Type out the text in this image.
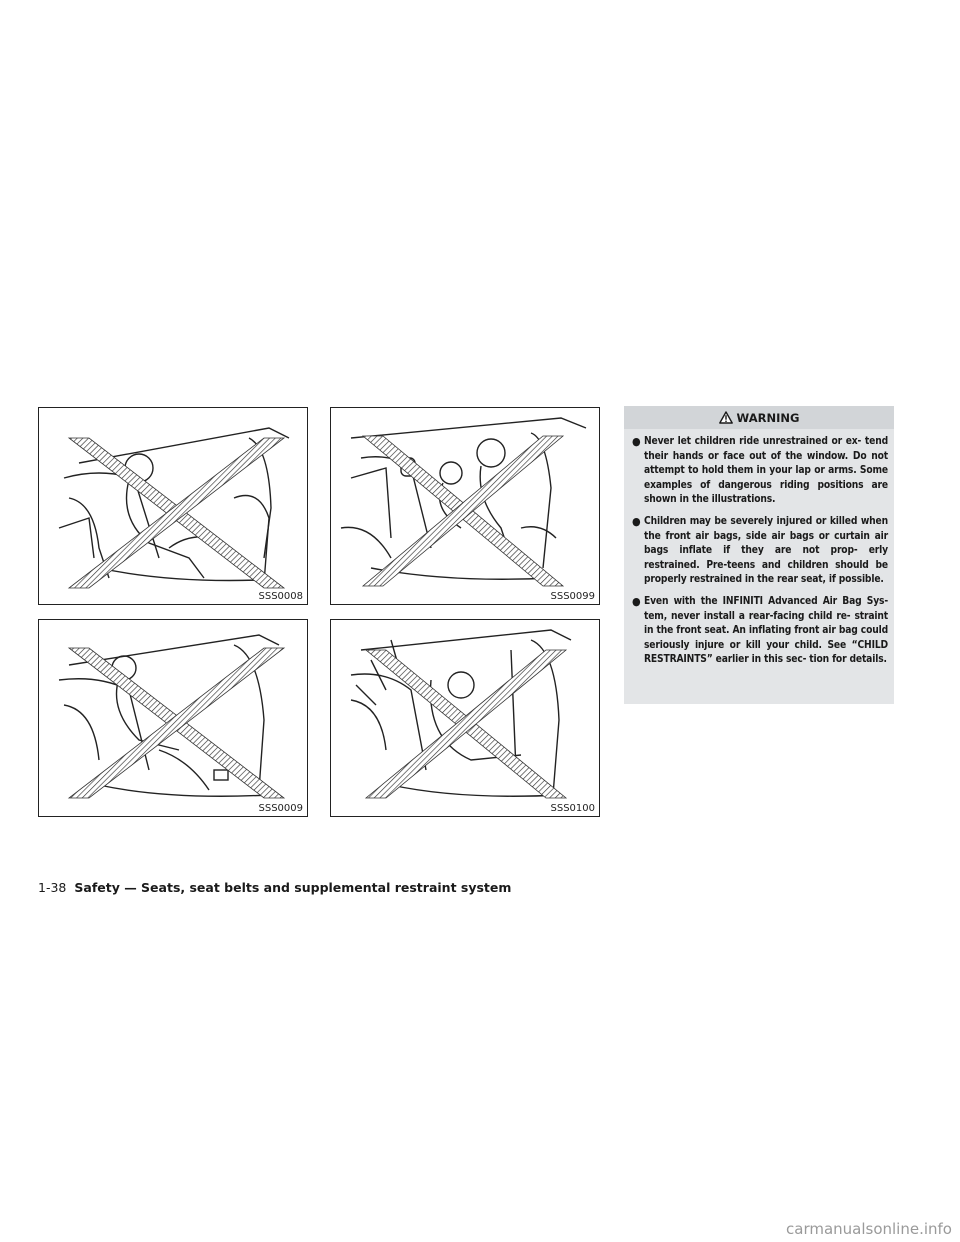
SSS0008	SSS0099
SSS0009	SSS0100
WARNING
● Never let children ride unrestrained or ex- tend their hands or face out of the window. Do not attempt to hold them in your lap or arms. Some examples of dangerous riding positions are shown in the illustrations.
● Children may be severely injured or killed when the front air bags, side air bags or curtain air bags inflate if they are not prop- erly restrained. Pre-teens and children should be properly restrained in the rear seat, if possible.
● Even with the INFINITI Advanced Air Bag Sys- tem, never install a rear-facing child re- straint in the front seat. An inflating front air bag could seriously injure or kill your child. See “CHILD RESTRAINTS” earlier in this sec- tion for details.
1-38 Safety — Seats, seat belts and supplemental restraint system
carmanualsonline.info
